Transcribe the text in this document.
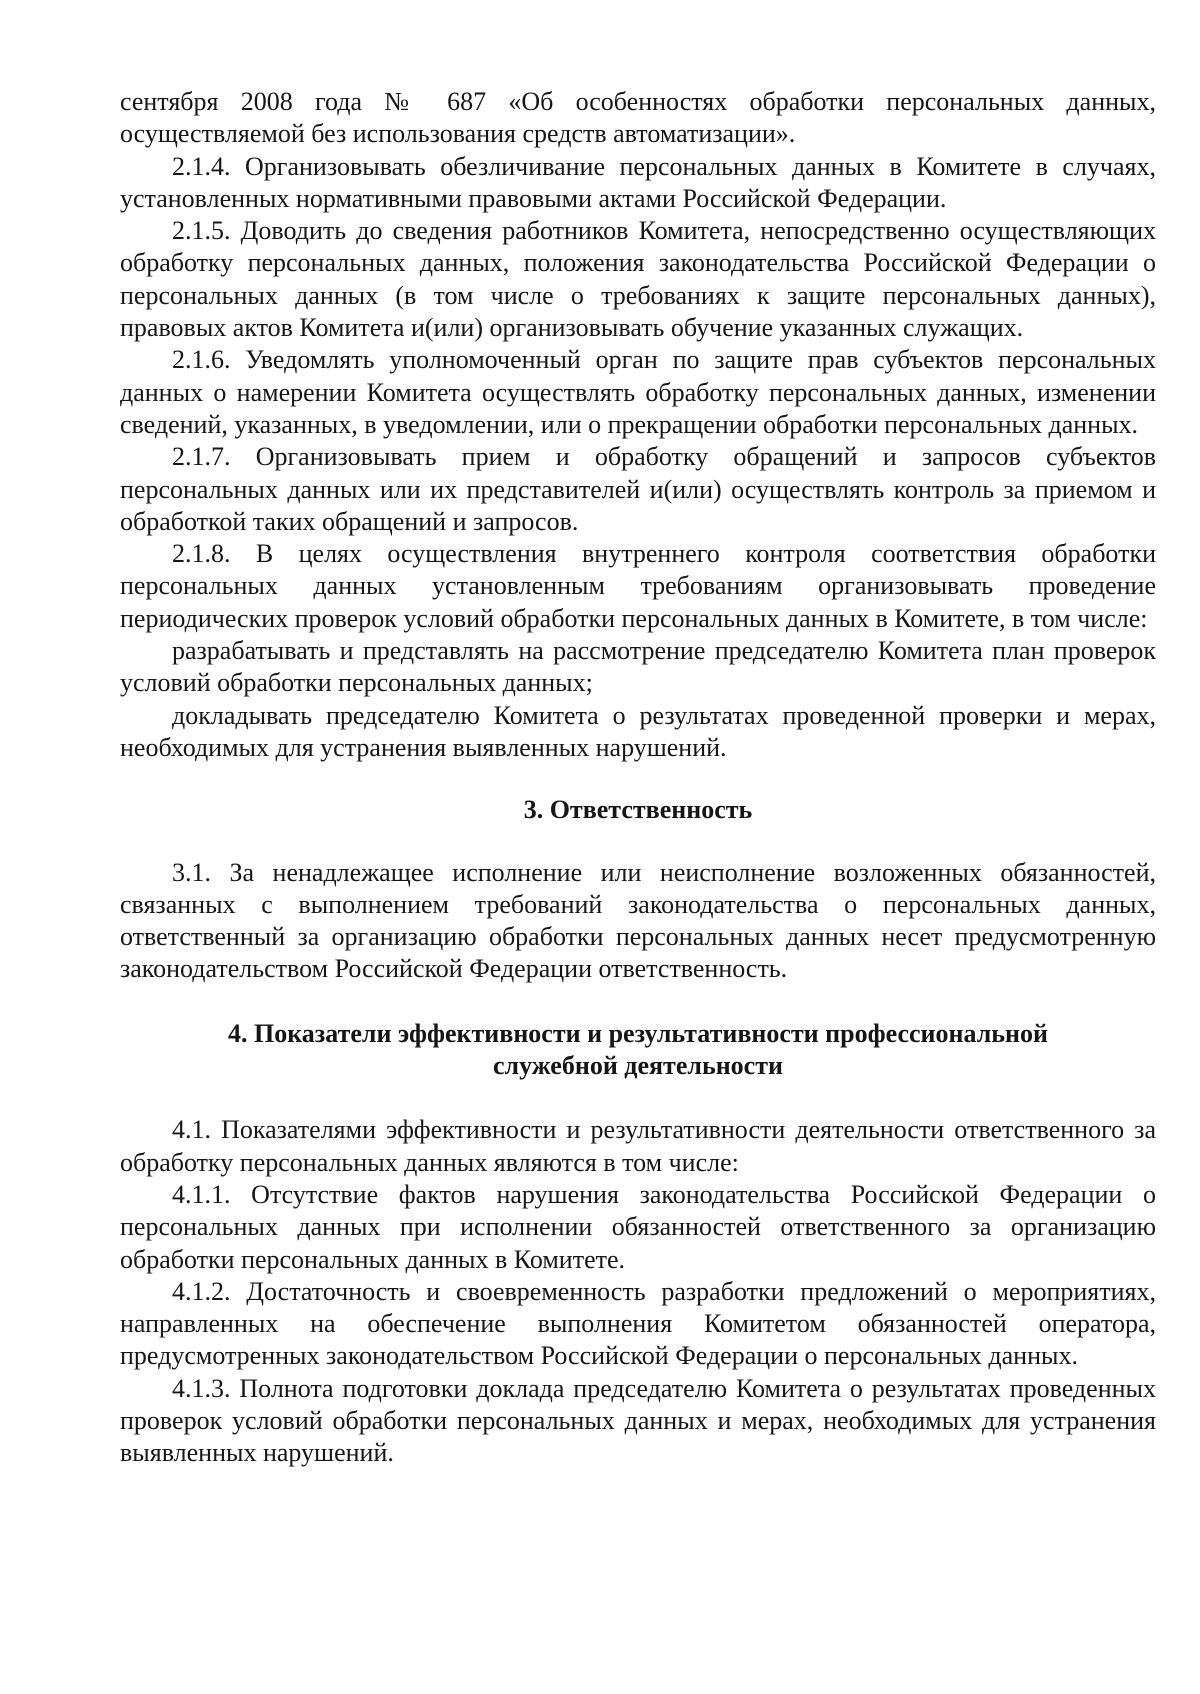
сентября 2008 года № 687 «Об особенностях обработки персональных данных, осуществляемой без использования средств автоматизации».

2.1.4. Организовывать обезличивание персональных данных в Комитете в случаях, установленных нормативными правовыми актами Российской Федерации.

2.1.5. Доводить до сведения работников Комитета, непосредственно осуществляющих обработку персональных данных, положения законодательства Российской Федерации о персональных данных (в том числе о требованиях к защите персональных данных), правовых актов Комитета и(или) организовывать обучение указанных служащих.

2.1.6. Уведомлять уполномоченный орган по защите прав субъектов персональных данных о намерении Комитета осуществлять обработку персональных данных, изменении сведений, указанных, в уведомлении, или о прекращении обработки персональных данных.

2.1.7. Организовывать прием и обработку обращений и запросов субъектов персональных данных или их представителей и(или) осуществлять контроль за приемом и обработкой таких обращений и запросов.

2.1.8. В целях осуществления внутреннего контроля соответствия обработки персональных данных установленным требованиям организовывать проведение периодических проверок условий обработки персональных данных в Комитете, в том числе:

разрабатывать и представлять на рассмотрение председателю Комитета план проверок условий обработки персональных данных;

докладывать председателю Комитета о результатах проведенной проверки и мерах, необходимых для устранения выявленных нарушений.

3. Ответственность

3.1. За ненадлежащее исполнение или неисполнение возложенных обязанностей, связанных с выполнением требований законодательства о персональных данных, ответственный за организацию обработки персональных данных несет предусмотренную законодательством Российской Федерации ответственность.

4. Показатели эффективности и результативности профессиональной

служебной деятельности

4.1. Показателями эффективности и результативности деятельности ответственного за обработку персональных данных являются в том числе:

4.1.1. Отсутствие фактов нарушения законодательства Российской Федерации о персональных данных при исполнении обязанностей ответственного за организацию обработки персональных данных в Комитете.

4.1.2. Достаточность и своевременность разработки предложений о мероприятиях, направленных на обеспечение выполнения Комитетом обязанностей оператора, предусмотренных законодательством Российской Федерации о персональных данных.

4.1.3. Полнота подготовки доклада председателю Комитета о результатах проведенных проверок условий обработки персональных данных и мерах, необходимых для устранения выявленных нарушений.
